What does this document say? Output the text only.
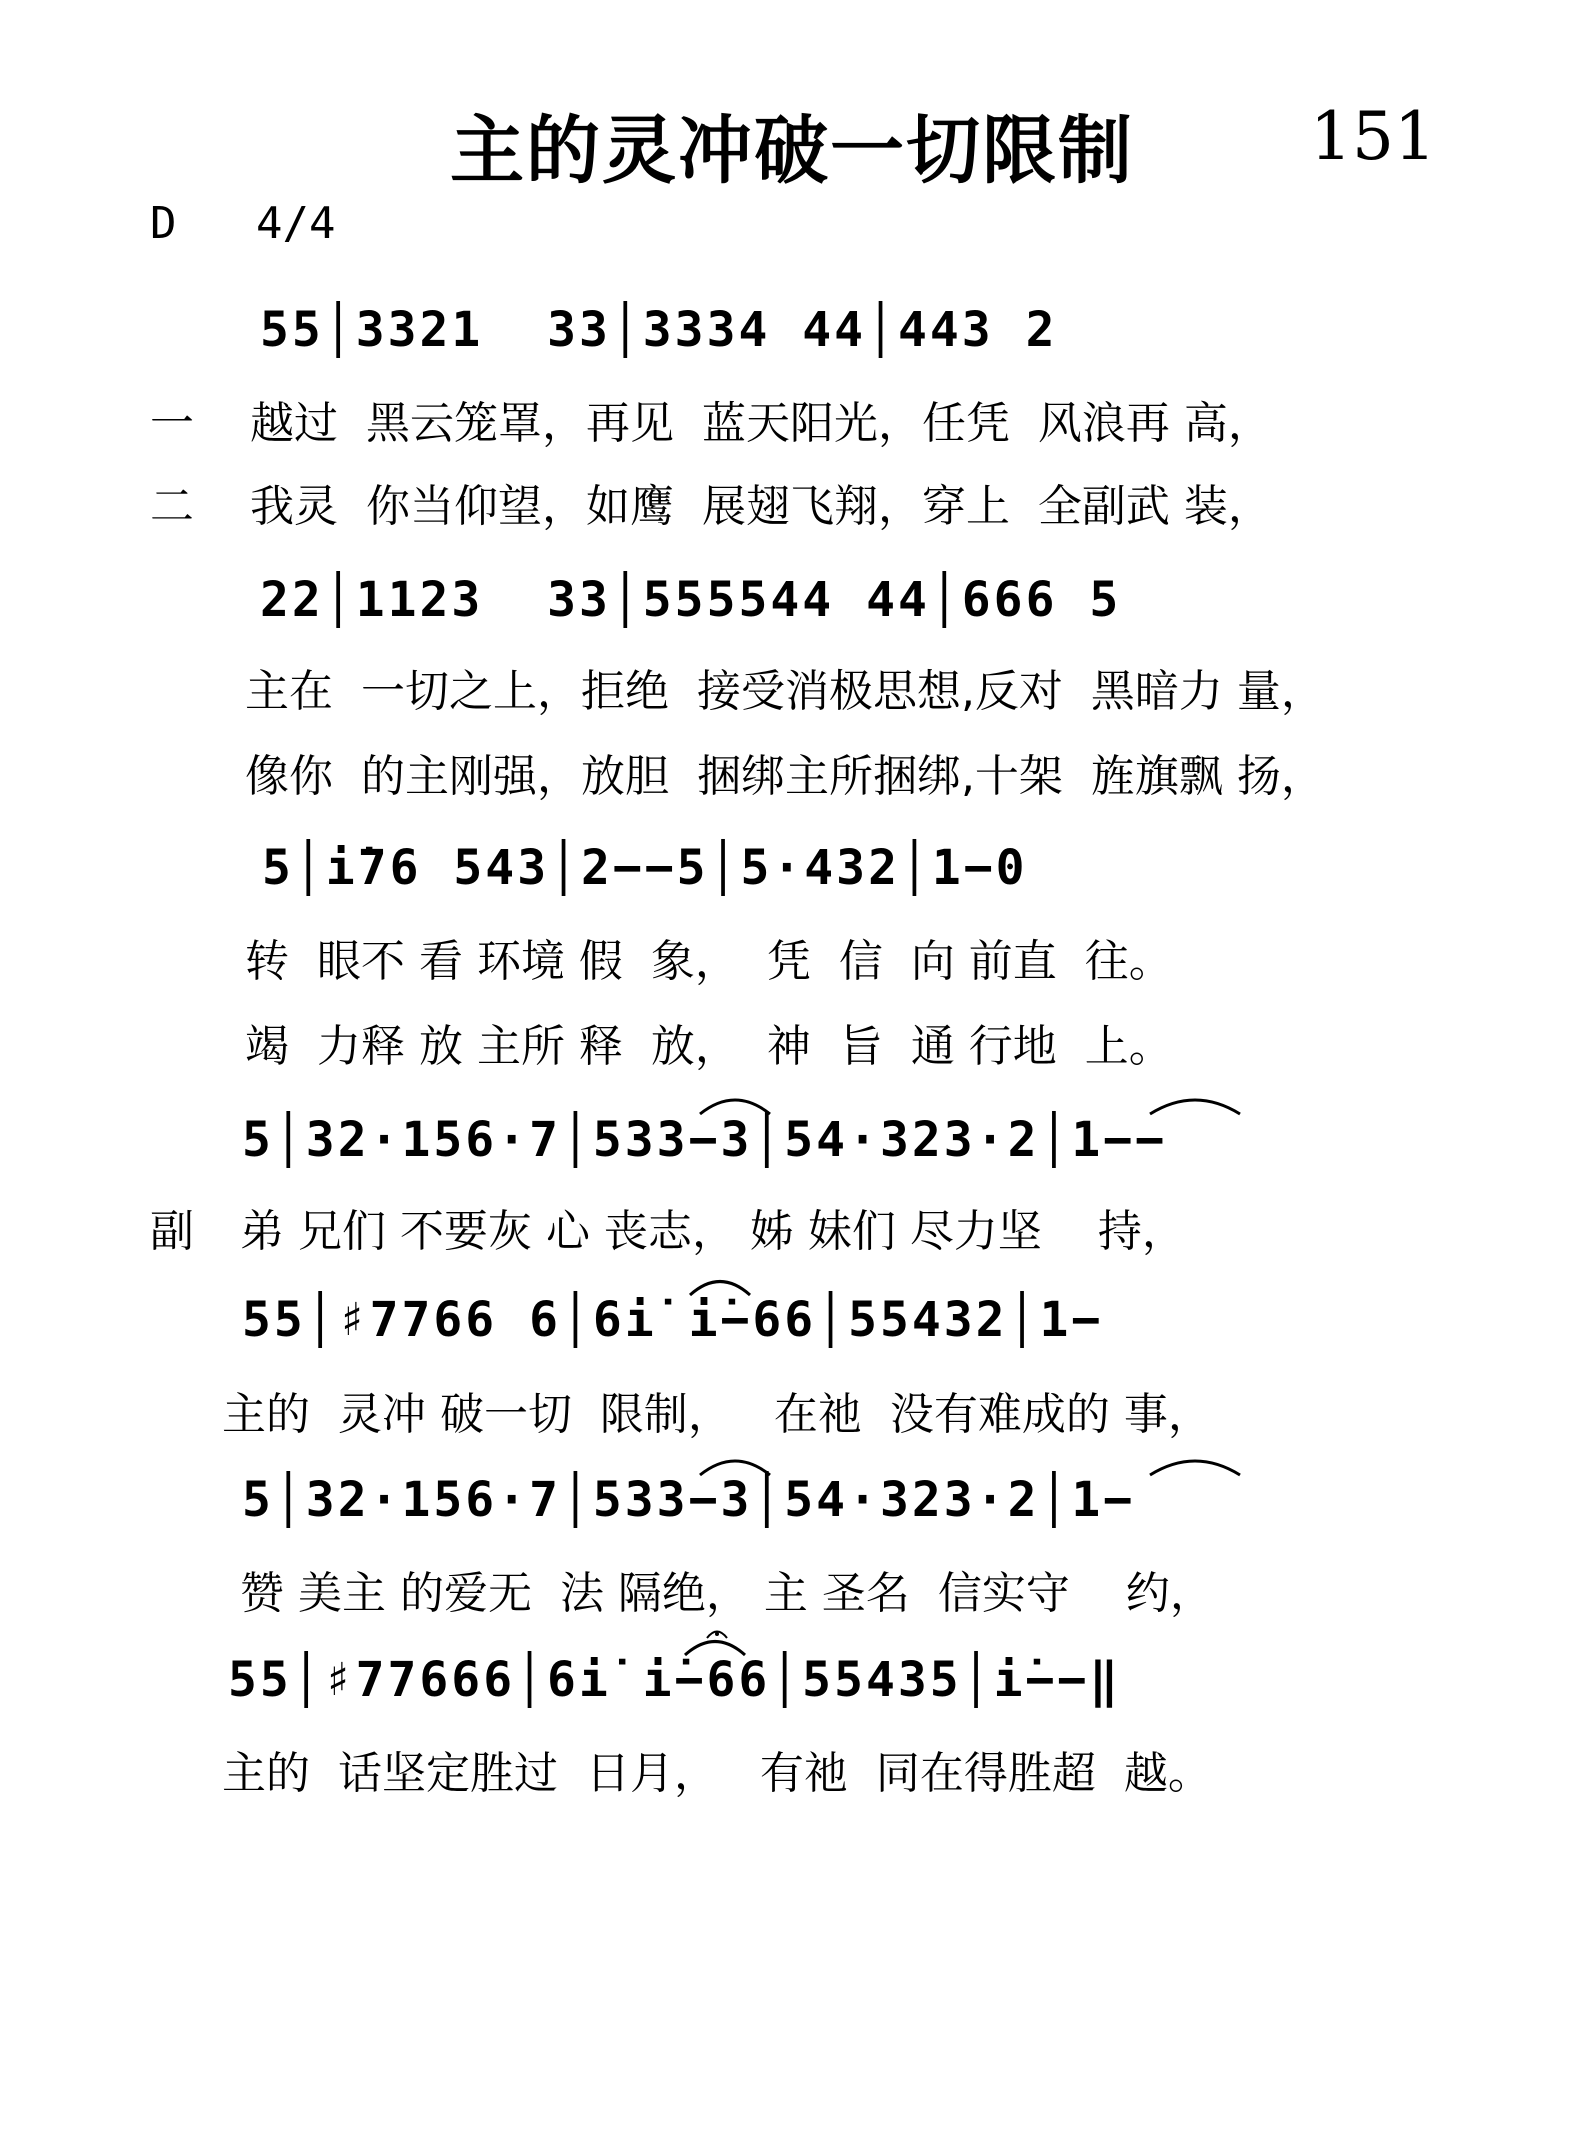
主的灵冲破一切限制	151
D   4/4
55│3321  33│3334 44│443 2
一 越过  黑云笼罩，再见  蓝天阳光，任凭  风浪再 高，
二 我灵  你当仰望，如鹰  展翅飞翔，穿上  全副武 装，
22│1123  33│555544 44│666 5
主在  一切之上，拒绝  接受消极思想,反对  黑暗力 量，
像你  的主刚强，放胆  捆绑主所捆绑,十架  旌旗飘 扬，
5│i̇76 543│2−−5│5·432│1−0
转  眼不 看 环境 假  象，  凭  信  向 前直  往。
竭  力释 放 主所 释  放，  神  旨  通 行地  上。
5│32·156·7│533−3│54·323·2│1−−
副 弟 兄们 不要灰 心 丧志， 姊 妹们 尽力坚    持，
55│♯7766 6│6i̇ i̇−66│55432│1−
主的  灵冲 破一切  限制，   在祂  没有难成的 事，
5│32·156·7│533−3│54·323·2│1−
赞 美主 的爱无  法 隔绝， 主 圣名  信实守    约，
55│♯77666│6i̇ i̇−66│55435│i̇−−‖
主的  话坚定胜过  日月，   有祂  同在得胜超  越。
